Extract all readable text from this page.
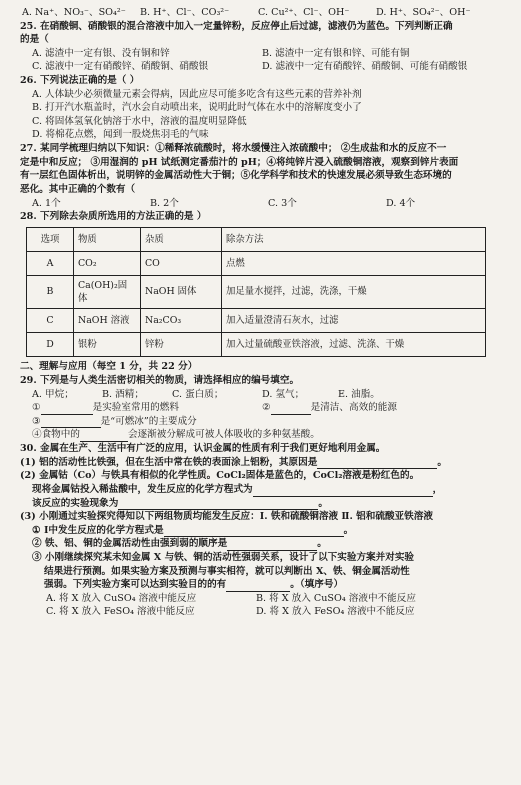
A. Na⁺、NO₃⁻、SO₄²⁻	B. H⁺、Cl⁻、CO₃²⁻	C. Cu²⁺、Cl⁻、OH⁻	D. H⁺、SO₄²⁻、OH⁻
25. 在硝酸铜、硝酸银的混合溶液中加入一定量锌粉，反应停止后过滤，滤液仍为蓝色。下列判断正确
的是（
A. 滤渣中一定有银、没有铜和锌	B. 滤渣中一定有银和锌、可能有铜
C. 滤液中一定有硝酸锌、硝酸铜、硝酸银	D. 滤液中一定有硝酸锌、硝酸铜、可能有硝酸银
26. 下列说法正确的是（ ）
A. 人体缺少必须微量元素会得病，因此应尽可能多吃含有这些元素的营养补剂
B. 打开汽水瓶盖时，汽水会自动喷出来，说明此时气体在水中的溶解度变小了
C. 将固体氢氧化钠溶于水中，溶液的温度明显降低
D. 将棉花点燃，闻到一股烧焦羽毛的气味
27. 某同学梳理归纳以下知识：①稀释浓硫酸时，将水缓慢注入浓硫酸中； ②生成盐和水的反应不一
定是中和反应； ③用湿润的 pH 试纸测定番茄汁的 pH；④将纯锌片浸入硫酸铜溶液，观察到锌片表面
有一层红色固体析出，说明锌的金属活动性大于铜；⑤化学科学和技术的快速发展必须导致生态环境的
恶化。其中正确的个数有（
A. 1个	B. 2个	C. 3个	D. 4个
28. 下列除去杂质所选用的方法正确的是 ）
选项	物质	杂质	除杂方法
A	CO₂	CO	点燃
B	Ca(OH)₂固体	NaOH 固体	加足量水搅拌，过滤，洗涤，干燥
C	NaOH 溶液	Na₂CO₃	加入适量澄清石灰水，过滤
D	银粉	锌粉	加入过量硫酸亚铁溶液，过滤、洗涤、干燥
二、理解与应用（每空 1 分，共 22 分）
29. 下列是与人类生活密切相关的物质，请选择相应的编号填空。
A. 甲烷；	B. 酒精；	C. 蛋白质；	D. 氢气；	E. 油脂。
①	是实验室常用的燃料	②	是清洁、高效的能源
③	是“可燃冰”的主要成分
④食物中的	会逐渐被分解成可被人体吸收的多种氨基酸。
30. 金属在生产、生活中有广泛的应用，认识金属的性质有利于我们更好地利用金属。
(1) 铝的活动性比铁强，但在生活中常在铁的表面涂上铝粉，其原因是	。
(2) 金属钴（Co）与铁具有相似的化学性质。CoCl₂固体是蓝色的，CoCl₂溶液是粉红色的。
现将金属钴投入稀盐酸中，发生反应的化学方程式为	，
该反应的实验现象为	。
(3) 小刚通过实验探究得知以下两组物质均能发生反应：Ⅰ. 铁和硫酸铜溶液 Ⅱ. 铝和硫酸亚铁溶液
① Ⅰ中发生反应的化学方程式是	。
② 铁、铝、铜的金属活动性由强到弱的顺序是	。
③ 小刚继续探究某未知金属 X 与铁、铜的活动性强弱关系，设计了以下实验方案并对实验
结果进行预测。如果实验方案及预测与事实相符，就可以判断出 X、铁、铜金属活动性
强弱。下列实验方案可以达到实验目的的有	。（填序号）
A. 将 X 放入 CuSO₄ 溶液中能反应	B. 将 X 放入 CuSO₄ 溶液中不能反应
C. 将 X 放入 FeSO₄ 溶液中能反应	D. 将 X 放入 FeSO₄ 溶液中不能反应
